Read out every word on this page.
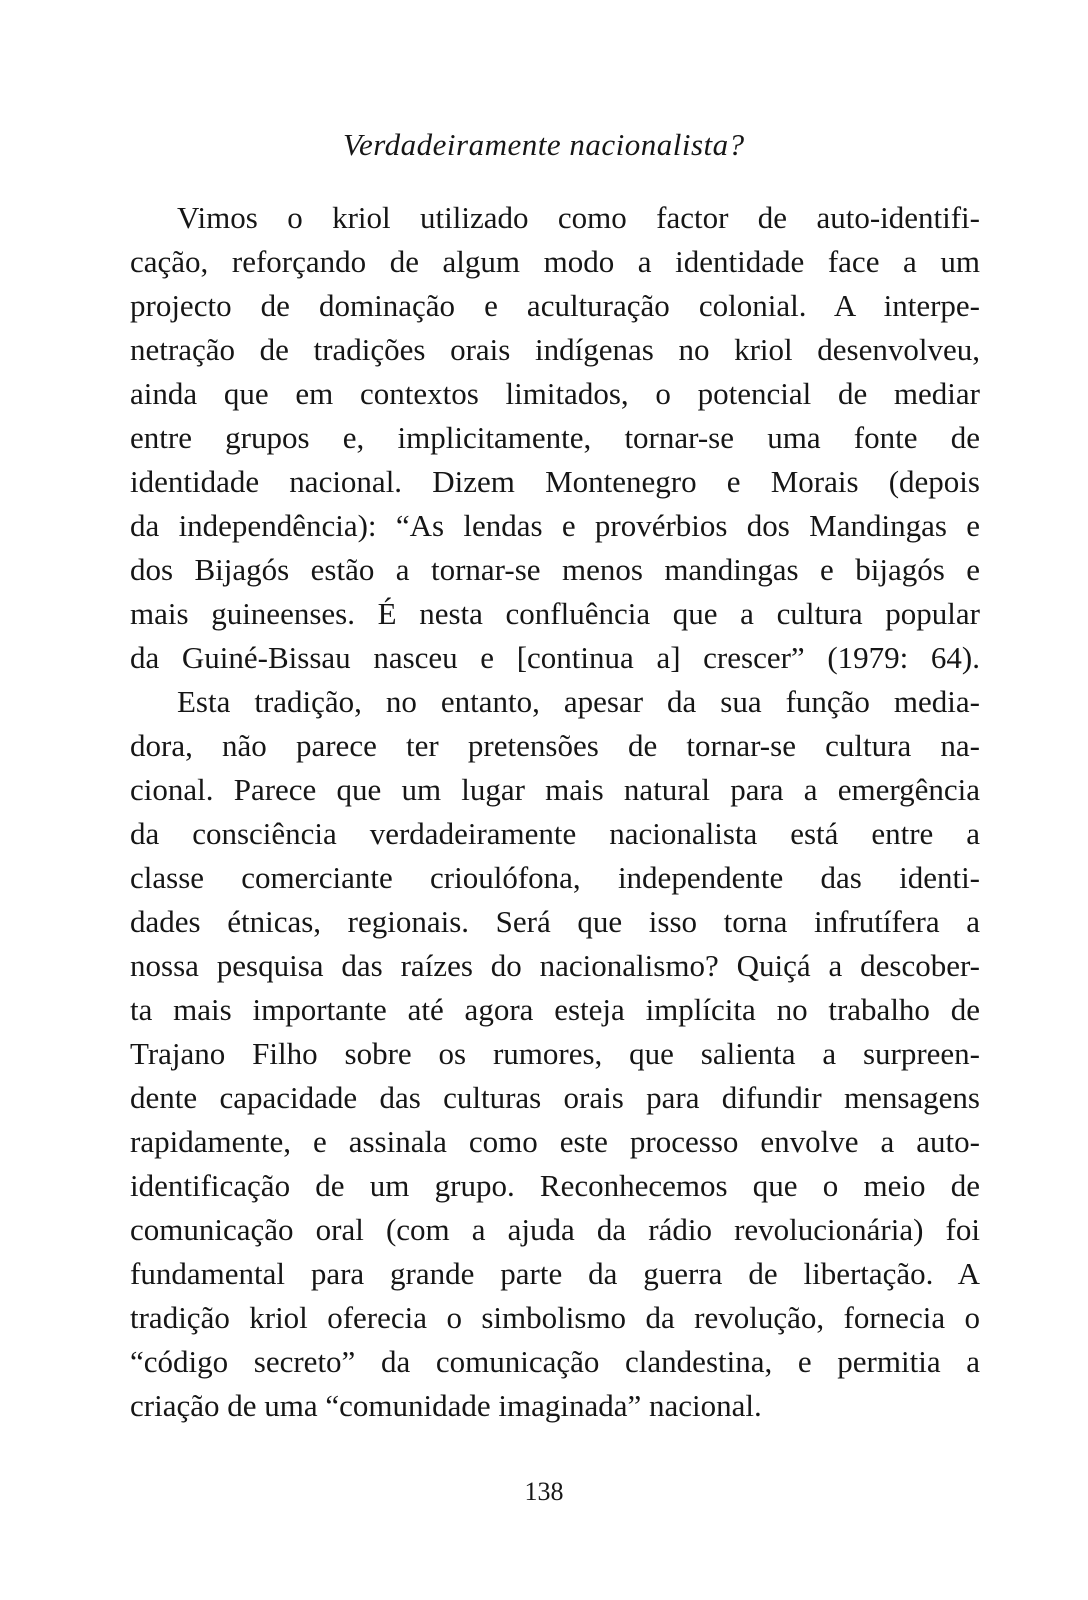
Verdadeiramente nacionalista?
Vimos o kriol utilizado como factor de auto-identifi-
cação, reforçando de algum modo a identidade face a um
projecto de dominação e aculturação colonial. A interpe-
netração de tradições orais indígenas no kriol desenvolveu,
ainda que em contextos limitados, o potencial de mediar
entre grupos e, implicitamente, tornar-se uma fonte de
identidade nacional. Dizem Montenegro e Morais (depois
da independência): “As lendas e provérbios dos Mandingas e
dos Bijagós estão a tornar-se menos mandingas e bijagós e
mais guineenses. É nesta confluência que a cultura popular
da Guiné-Bissau nasceu e [continua a] crescer” (1979: 64).
Esta tradição, no entanto, apesar da sua função media-
dora, não parece ter pretensões de tornar-se cultura na-
cional. Parece que um lugar mais natural para a emergência
da consciência verdadeiramente nacionalista está entre a
classe comerciante crioulófona, independente das identi-
dades étnicas, regionais. Será que isso torna infrutífera a
nossa pesquisa das raízes do nacionalismo? Quiçá a descober-
ta mais importante até agora esteja implícita no trabalho de
Trajano Filho sobre os rumores, que salienta a surpreen-
dente capacidade das culturas orais para difundir mensagens
rapidamente, e assinala como este processo envolve a auto-
identificação de um grupo. Reconhecemos que o meio de
comunicação oral (com a ajuda da rádio revolucionária) foi
fundamental para grande parte da guerra de libertação. A
tradição kriol oferecia o simbolismo da revolução, fornecia o
“código secreto” da comunicação clandestina, e permitia a
criação de uma “comunidade imaginada” nacional.
138
